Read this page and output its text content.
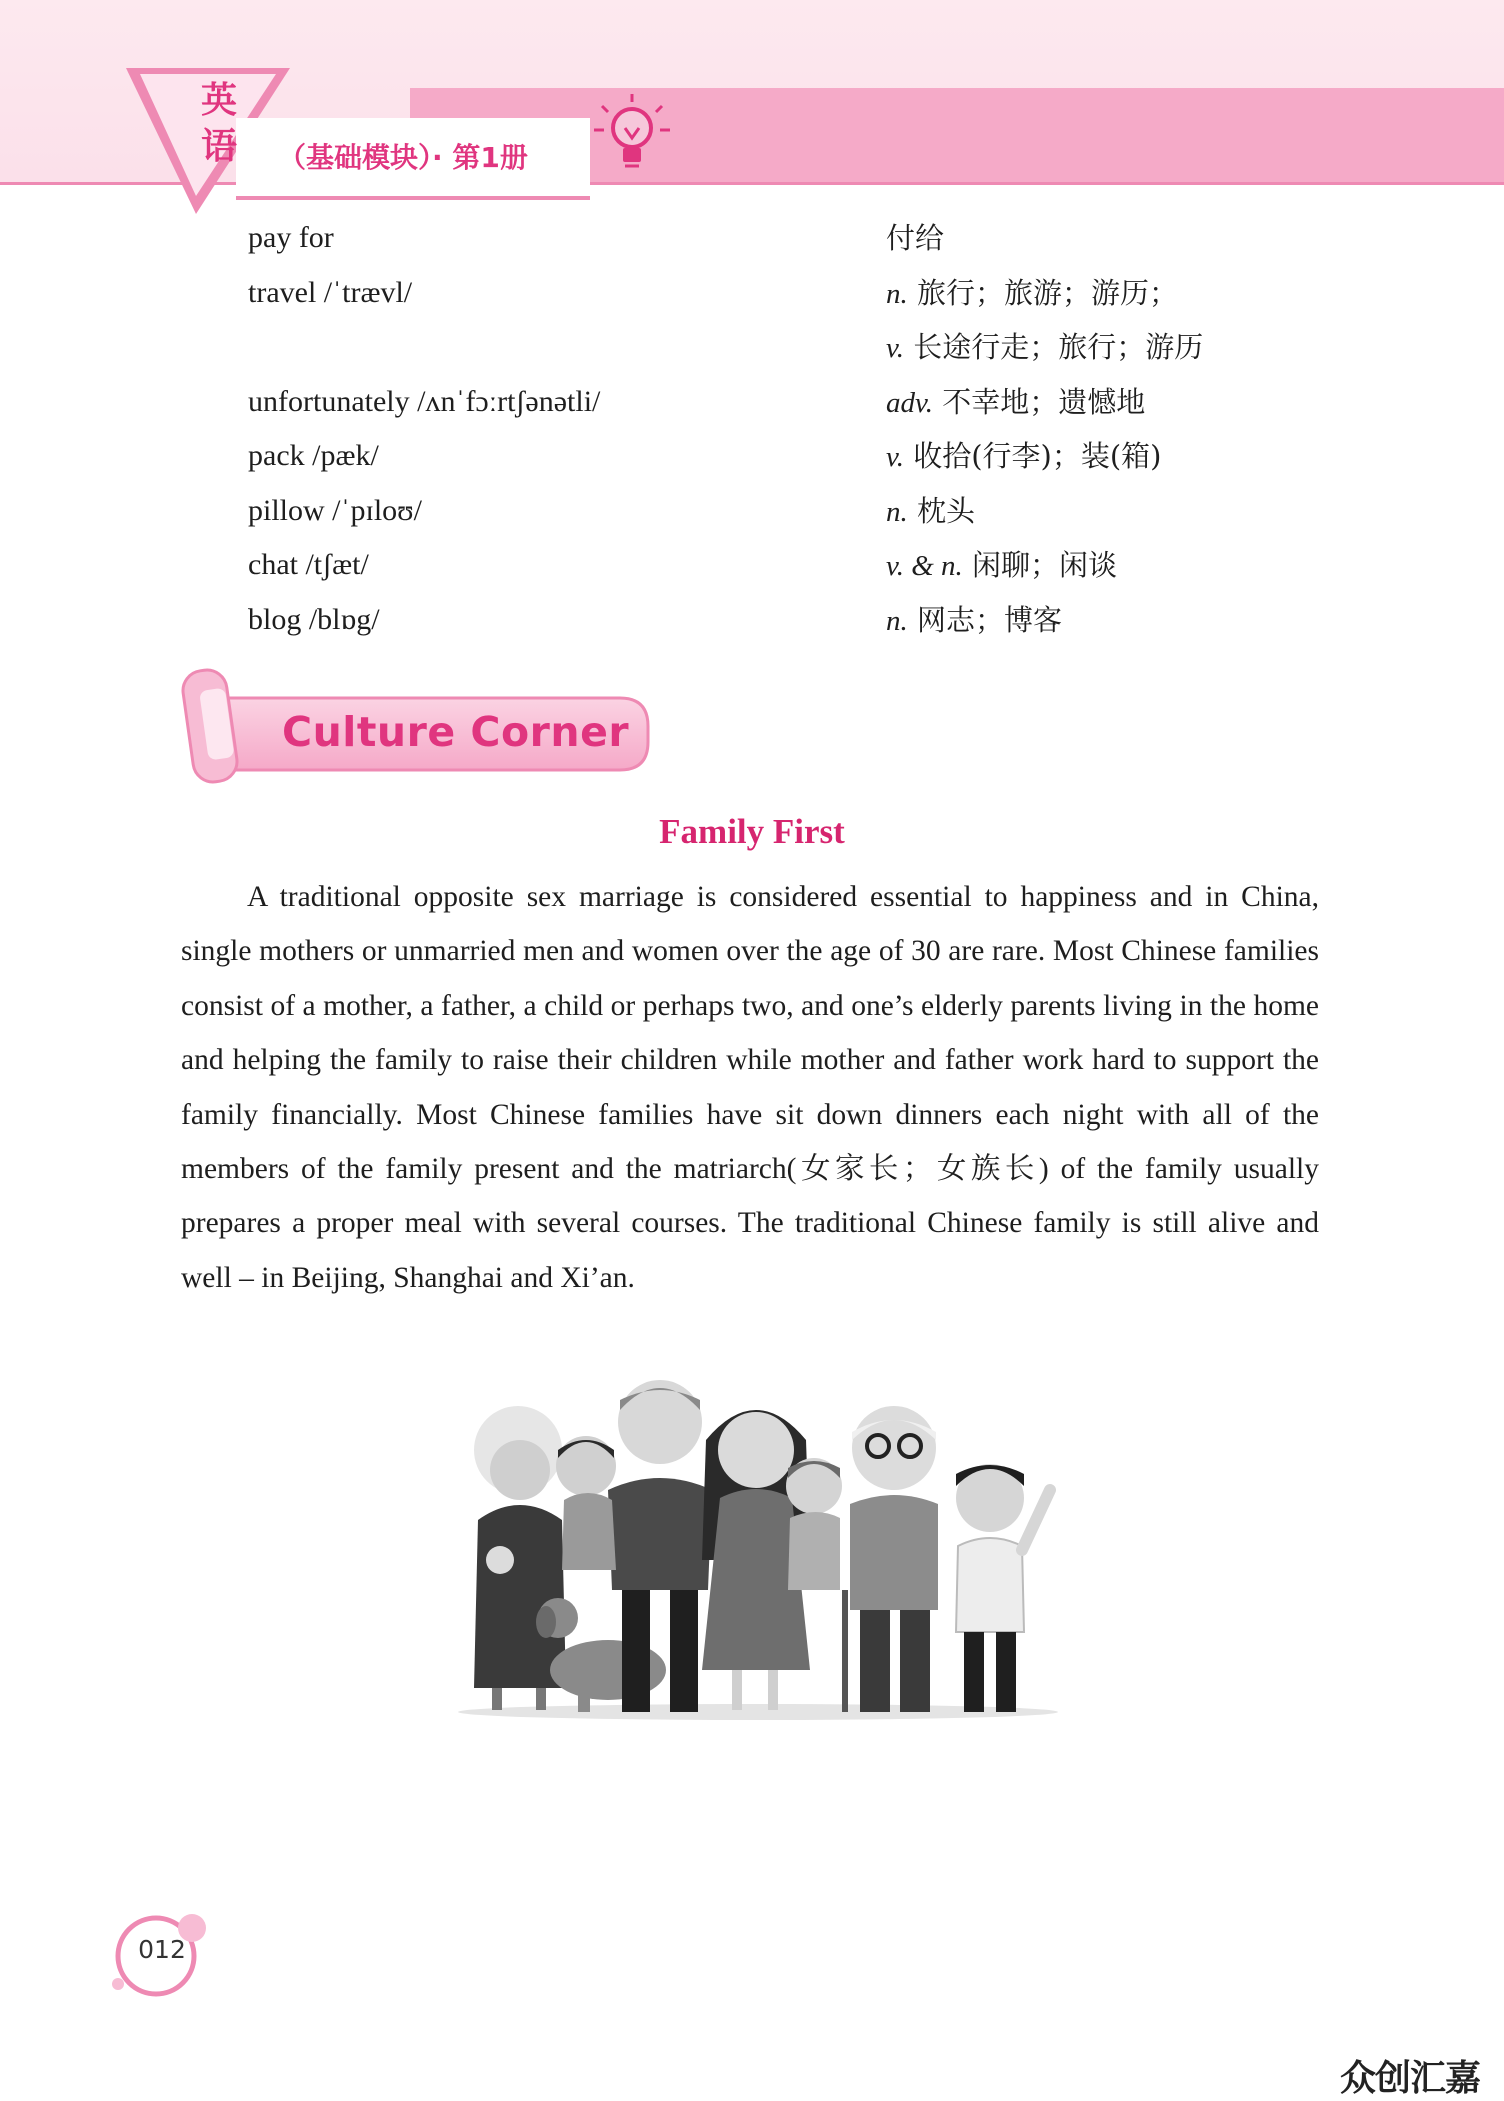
英语 （基础模块）· 第1册
pay for	付给
travel /ˈtrævl/	n. 旅行；旅游；游历；
v. 长途行走；旅行；游历
unfortunately /ʌnˈfɔːrtʃənətli/	adv. 不幸地；遗憾地
pack /pæk/	v. 收拾(行李)；装(箱)
pillow /ˈpɪloʊ/	n. 枕头
chat /tʃæt/	v. & n. 闲聊；闲谈
blog /blɒg/	n. 网志；博客
Culture Corner
Family First

A traditional opposite sex marriage is considered essential to happiness and in China, single mothers or unmarried men and women over the age of 30 are rare. Most Chinese families consist of a mother, a father, a child or perhaps two, and one’s elderly parents living in the home and helping the family to raise their children while mother and father work hard to support the family financially. Most Chinese families have sit down dinners each night with all of the members of the family present and the matriarch(女家长；女族长) of the family usually prepares a proper meal with several courses. The traditional Chinese family is still alive and well – in Beijing, Shanghai and Xi’an.

012
众创汇嘉
